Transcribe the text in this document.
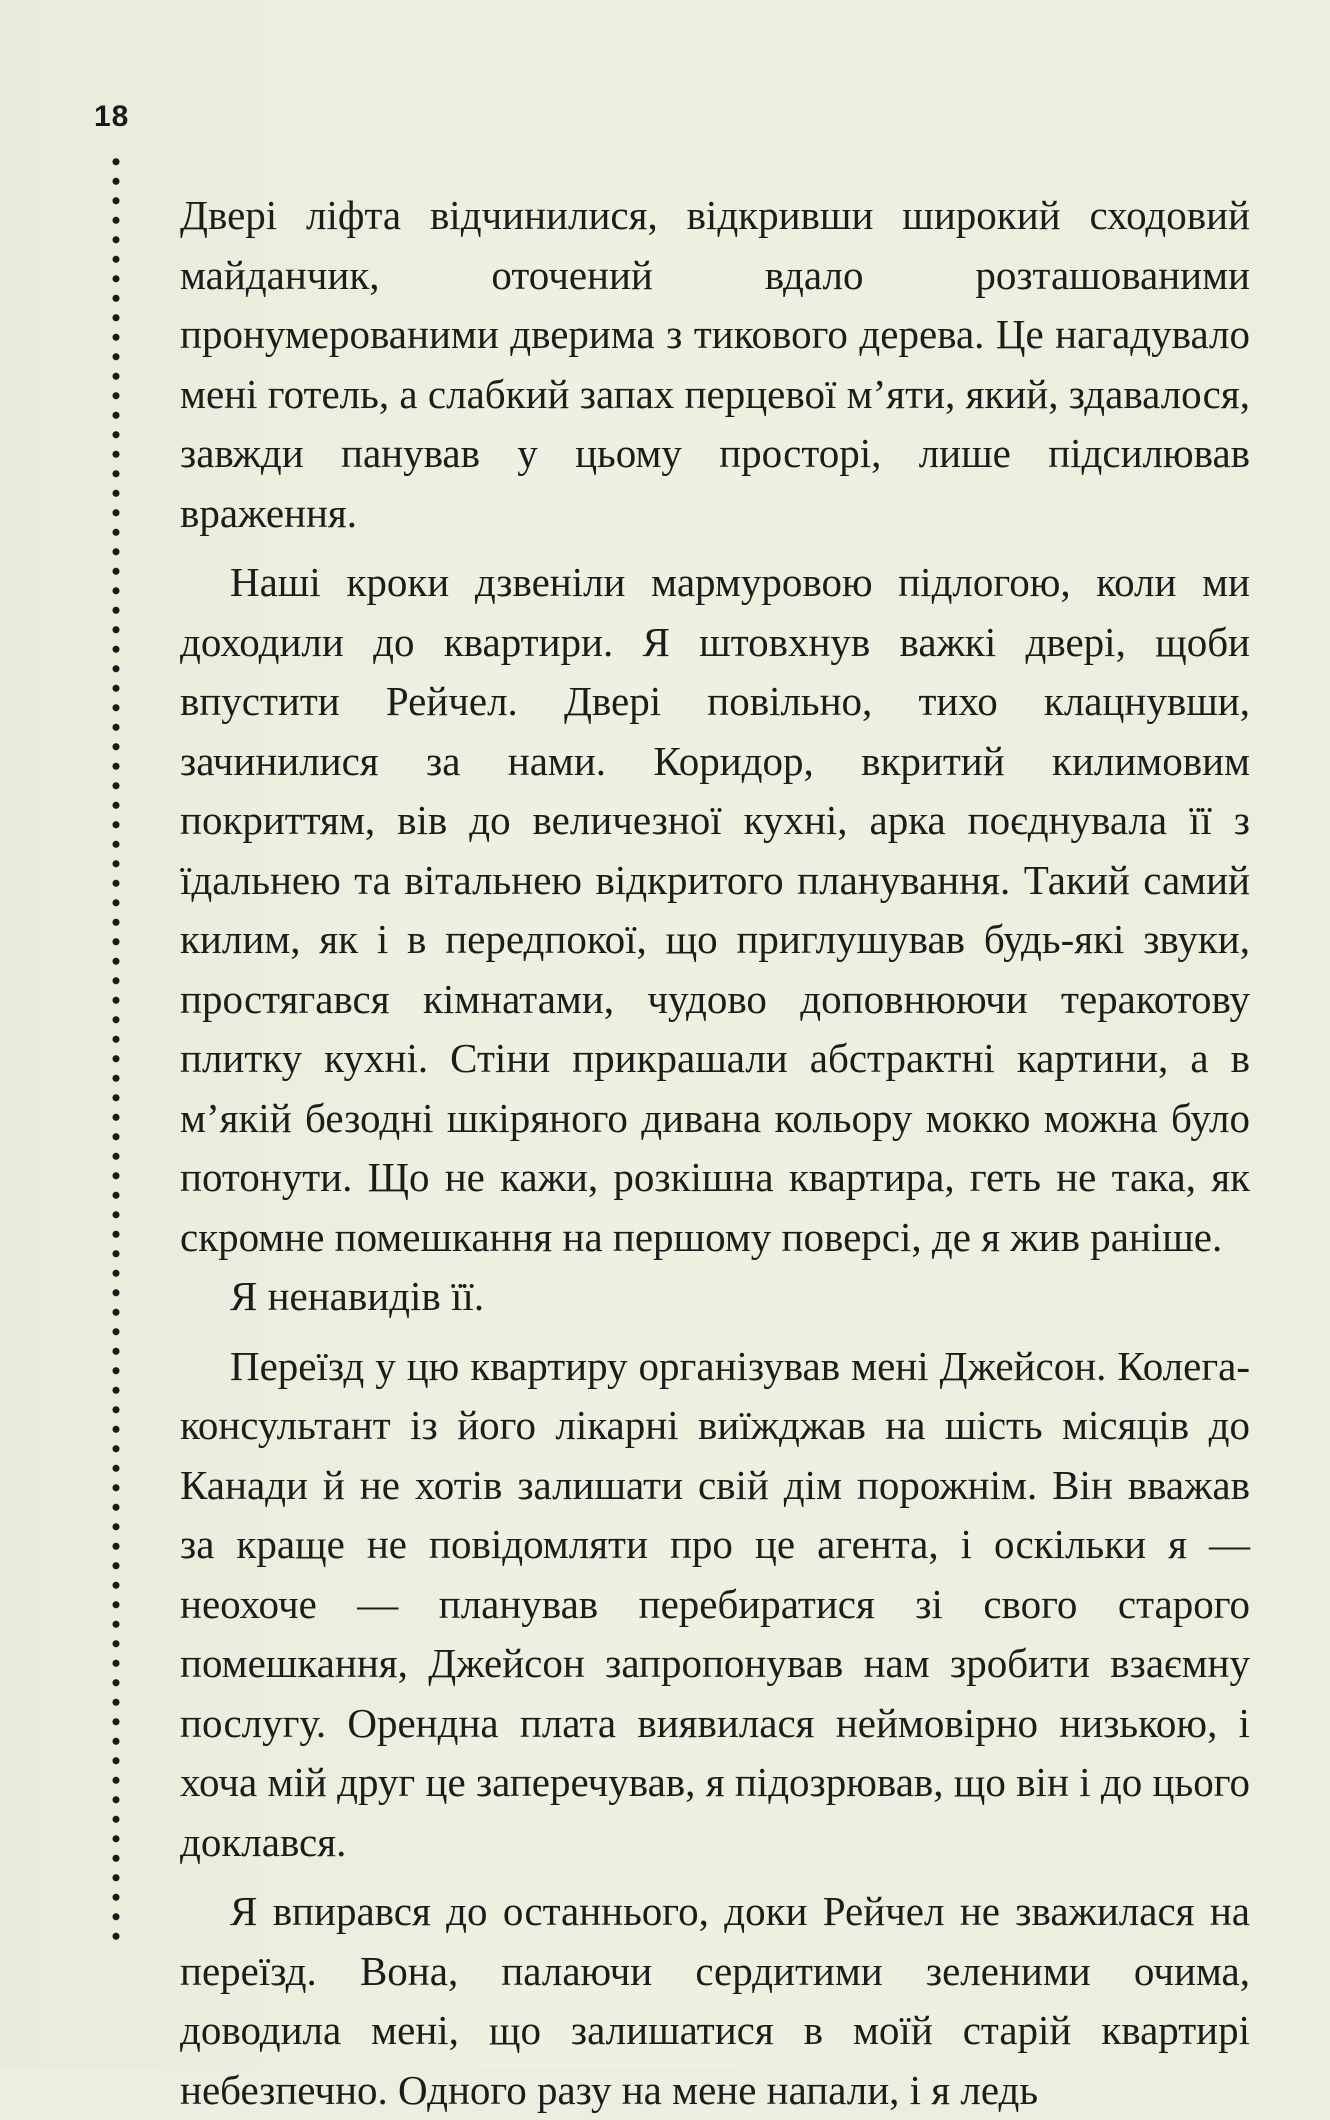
18

Двері ліфта відчинилися, відкривши широкий сходовий майданчик, оточений вдало розташованими пронумерованими дверима з тикового дерева. Це нагадувало мені готель, а слабкий запах перцевої м’яти, який, здавалося, завжди панував у цьому просторі, лише підсилював враження.

Наші кроки дзвеніли мармуровою підлогою, коли ми доходили до квартири. Я штовхнув важкі двері, щоби впустити Рейчел. Двері повільно, тихо клацнувши, зачинилися за нами. Коридор, вкритий килимовим покриттям, вів до величезної кухні, арка поєднувала її з їдальнею та вітальнею відкритого планування. Такий самий килим, як і в передпокої, що приглушував будь-які звуки, простягався кімнатами, чудово доповнюючи теракотову плитку кухні. Стіни прикрашали абстрактні картини, а в м’якій безодні шкіряного дивана кольору мокко можна було потонути. Що не кажи, розкішна квартира, геть не така, як скромне помешкання на першому поверсі, де я жив раніше.

Я ненавидів її.

Переїзд у цю квартиру організував мені Джейсон. Колега-консультант із його лікарні виїжджав на шість місяців до Канади й не хотів залишати свій дім порожнім. Він вважав за краще не повідомляти про це агента, і оскільки я — неохоче — планував перебиратися зі свого старого помешкання, Джейсон запропонував нам зробити взаємну послугу. Орендна плата виявилася неймовірно низькою, і хоча мій друг це заперечував, я підозрював, що він і до цього доклався.

Я впирався до останнього, доки Рейчел не зважилася на переїзд. Вона, палаючи сердитими зеленими очима, доводила мені, що залишатися в моїй старій квартирі небезпечно. Одного разу на мене напали, і я ледь
